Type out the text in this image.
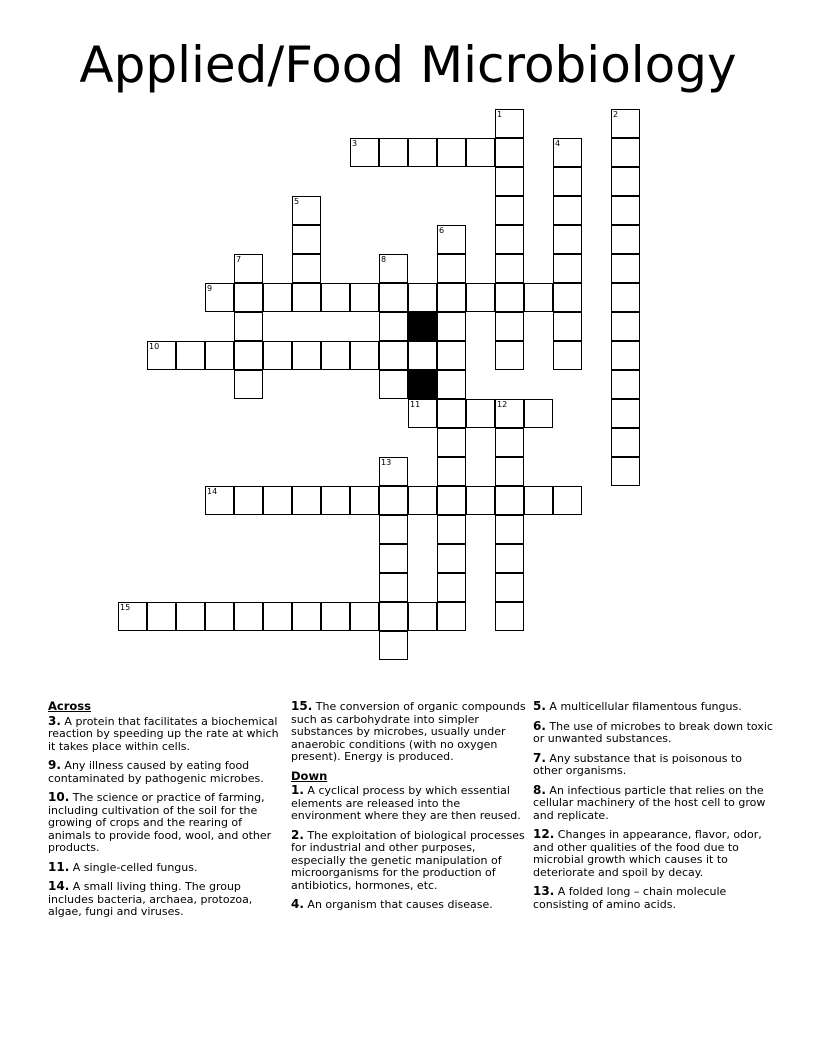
Applied/Food Microbiology
1	2
3	4
5
6
7	8
9
10
11	12
13
14
15
Across
3. A protein that facilitates a biochemical reaction by speeding up the rate at which it takes place within cells.
9. Any illness caused by eating food contaminated by pathogenic microbes.
10. The science or practice of farming, including cultivation of the soil for the growing of crops and the rearing of animals to provide food, wool, and other products.
11. A single-celled fungus.
14. A small living thing. The group includes bacteria, archaea, protozoa, algae, fungi and viruses.
15. The conversion of organic compounds such as carbohydrate into simpler substances by microbes, usually under anaerobic conditions (with no oxygen present). Energy is produced.
Down
1. A cyclical process by which essential elements are released into the environment where they are then reused.
2. The exploitation of biological processes for industrial and other purposes, especially the genetic manipulation of microorganisms for the production of antibiotics, hormones, etc.
4. An organism that causes disease.
5. A multicellular filamentous fungus.
6. The use of microbes to break down toxic or unwanted substances.
7. Any substance that is poisonous to other organisms.
8. An infectious particle that relies on the cellular machinery of the host cell to grow and replicate.
12. Changes in appearance, flavor, odor, and other qualities of the food due to microbial growth which causes it to deteriorate and spoil by decay.
13. A folded long – chain molecule consisting of amino acids.
